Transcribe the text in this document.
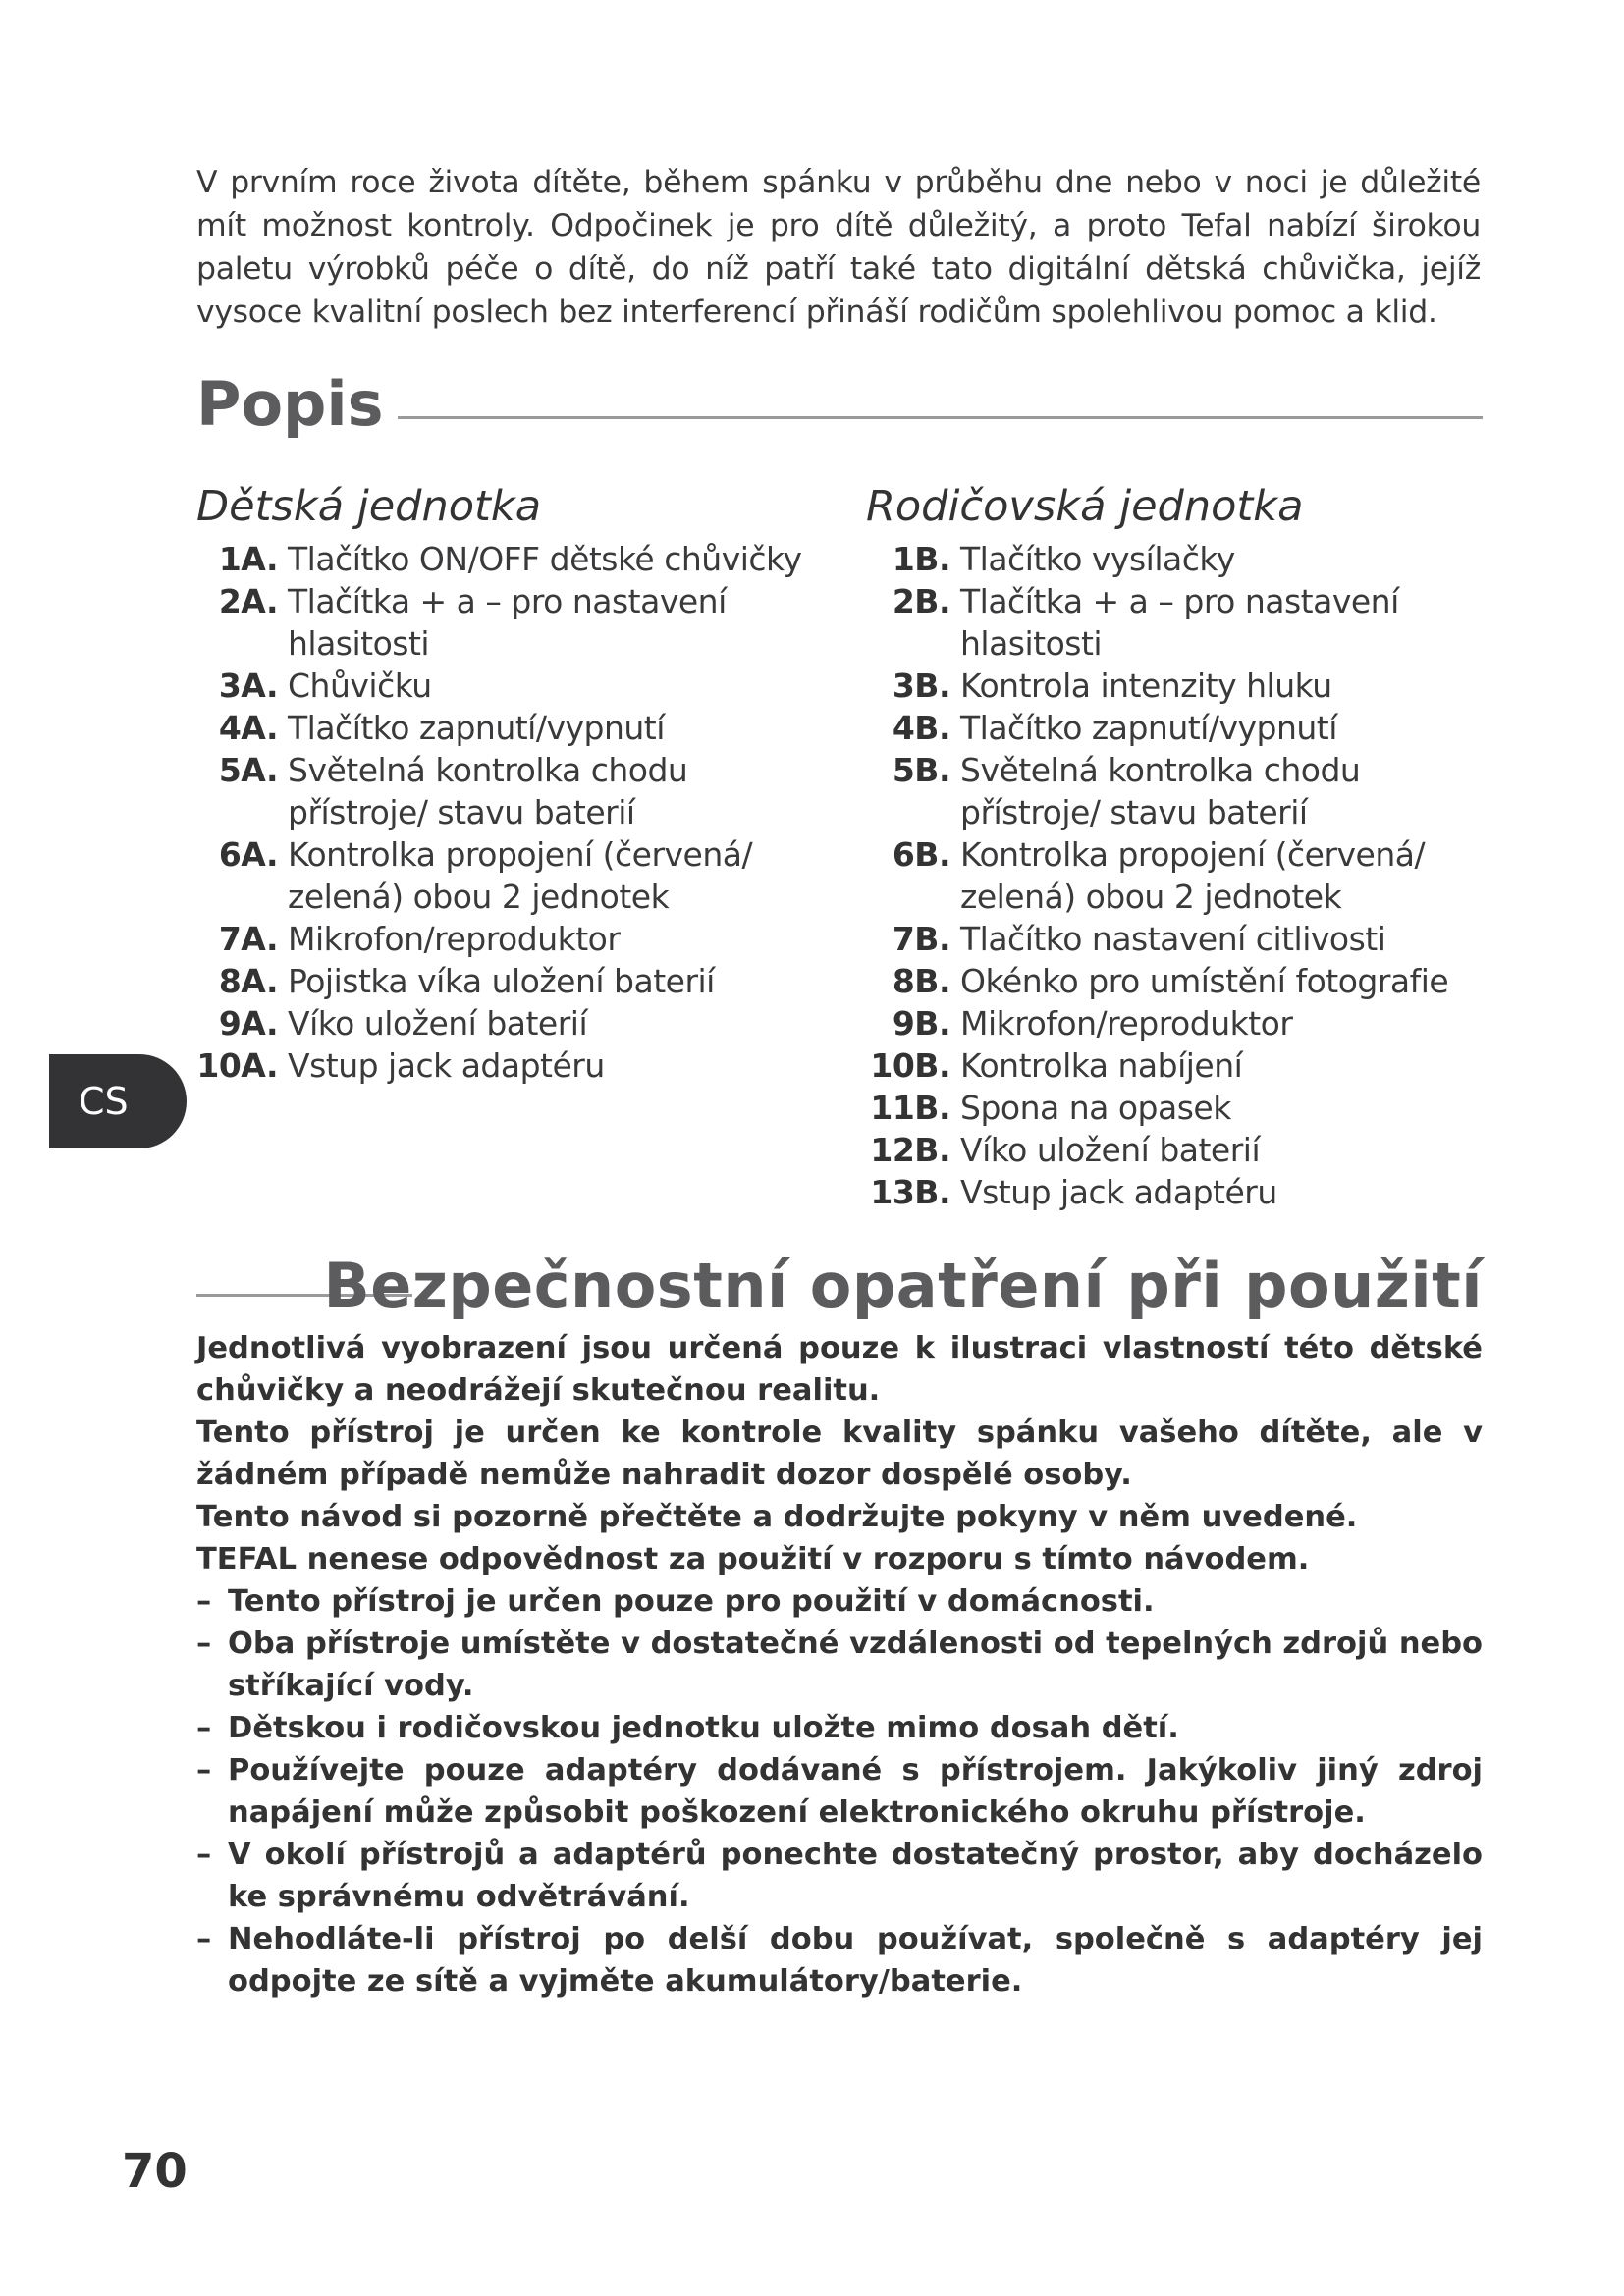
V prvním roce života dítěte, během spánku v průběhu dne nebo v noci je důležité mít možnost kontroly. Odpočinek je pro dítě důležitý, a proto Tefal nabízí širokou paletu výrobků péče o dítě, do níž patří také tato digitální dětská chůvička, jejíž vysoce kvalitní poslech bez interferencí přináší rodičům spolehlivou pomoc a klid.

Popis
Dětská jednotka
1A. Tlačítko ON/OFF dětské chůvičky
2A. Tlačítka + a – pro nastavení hlasitosti
3A. Chůvičku
4A. Tlačítko zapnutí/vypnutí
5A. Světelná kontrolka chodu přístroje/ stavu baterií
6A. Kontrolka propojení (červená/ zelená) obou 2 jednotek
7A. Mikrofon/reproduktor
8A. Pojistka víka uložení baterií
9A. Víko uložení baterií
10A. Vstup jack adaptéru
Rodičovská jednotka
1B. Tlačítko vysílačky
2B. Tlačítka + a – pro nastavení hlasitosti
3B. Kontrola intenzity hluku
4B. Tlačítko zapnutí/vypnutí
5B. Světelná kontrolka chodu přístroje/ stavu baterií
6B. Kontrolka propojení (červená/ zelená) obou 2 jednotek
7B. Tlačítko nastavení citlivosti
8B. Okénko pro umístění fotografie
9B. Mikrofon/reproduktor
10B. Kontrolka nabíjení
11B. Spona na opasek
12B. Víko uložení baterií
13B. Vstup jack adaptéru
CS
Bezpečnostní opatření při použití

Jednotlivá vyobrazení jsou určená pouze k ilustraci vlastností této dětské chůvičky a neodrážejí skutečnou realitu.

Tento přístroj je určen ke kontrole kvality spánku vašeho dítěte, ale v žádném případě nemůže nahradit dozor dospělé osoby.

Tento návod si pozorně přečtěte a dodržujte pokyny v něm uvedené.

TEFAL nenese odpovědnost za použití v rozporu s tímto návodem.

– Tento přístroj je určen pouze pro použití v domácnosti.
– Oba přístroje umístěte v dostatečné vzdálenosti od tepelných zdrojů nebo stříkající vody.
– Dětskou i rodičovskou jednotku uložte mimo dosah dětí.
– Používejte pouze adaptéry dodávané s přístrojem. Jakýkoliv jiný zdroj napájení může způsobit poškození elektronického okruhu přístroje.
– V okolí přístrojů a adaptérů ponechte dostatečný prostor, aby docházelo ke správnému odvětrávání.
– Nehodláte-li přístroj po delší dobu používat, společně s adaptéry jej odpojte ze sítě a vyjměte akumulátory/baterie.
70
